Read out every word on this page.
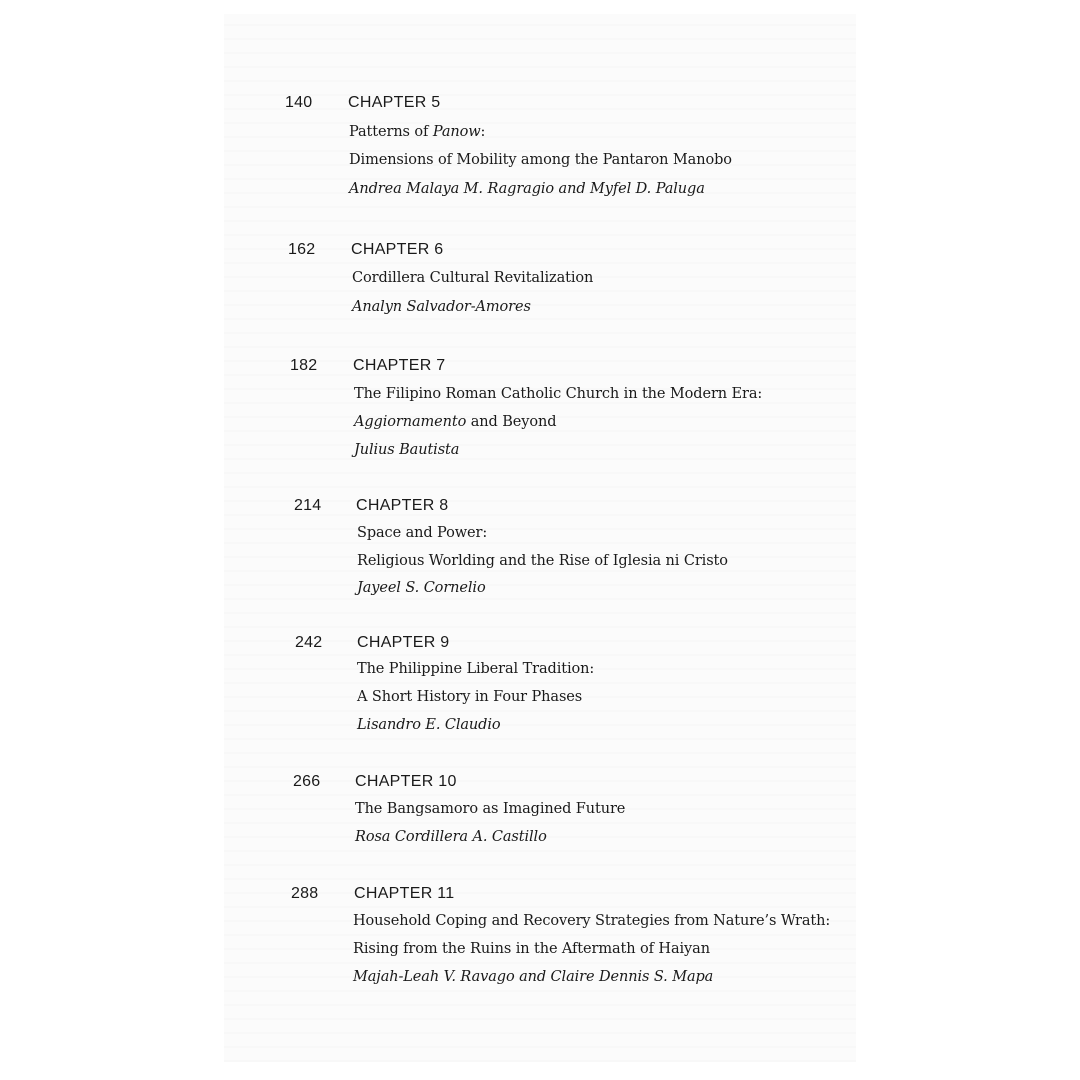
140 CHAPTER 5
Patterns of Panow:
Dimensions of Mobility among the Pantaron Manobo
Andrea Malaya M. Ragragio and Myfel D. Paluga
162 CHAPTER 6
Cordillera Cultural Revitalization
Analyn Salvador-Amores
182 CHAPTER 7
The Filipino Roman Catholic Church in the Modern Era:
Aggiornamento and Beyond
Julius Bautista
214 CHAPTER 8
Space and Power:
Religious Worlding and the Rise of Iglesia ni Cristo
Jayeel S. Cornelio
242 CHAPTER 9
The Philippine Liberal Tradition:
A Short History in Four Phases
Lisandro E. Claudio
266 CHAPTER 10
The Bangsamoro as Imagined Future
Rosa Cordillera A. Castillo
288 CHAPTER 11
Household Coping and Recovery Strategies from Nature’s Wrath:
Rising from the Ruins in the Aftermath of Haiyan
Majah-Leah V. Ravago and Claire Dennis S. Mapa
